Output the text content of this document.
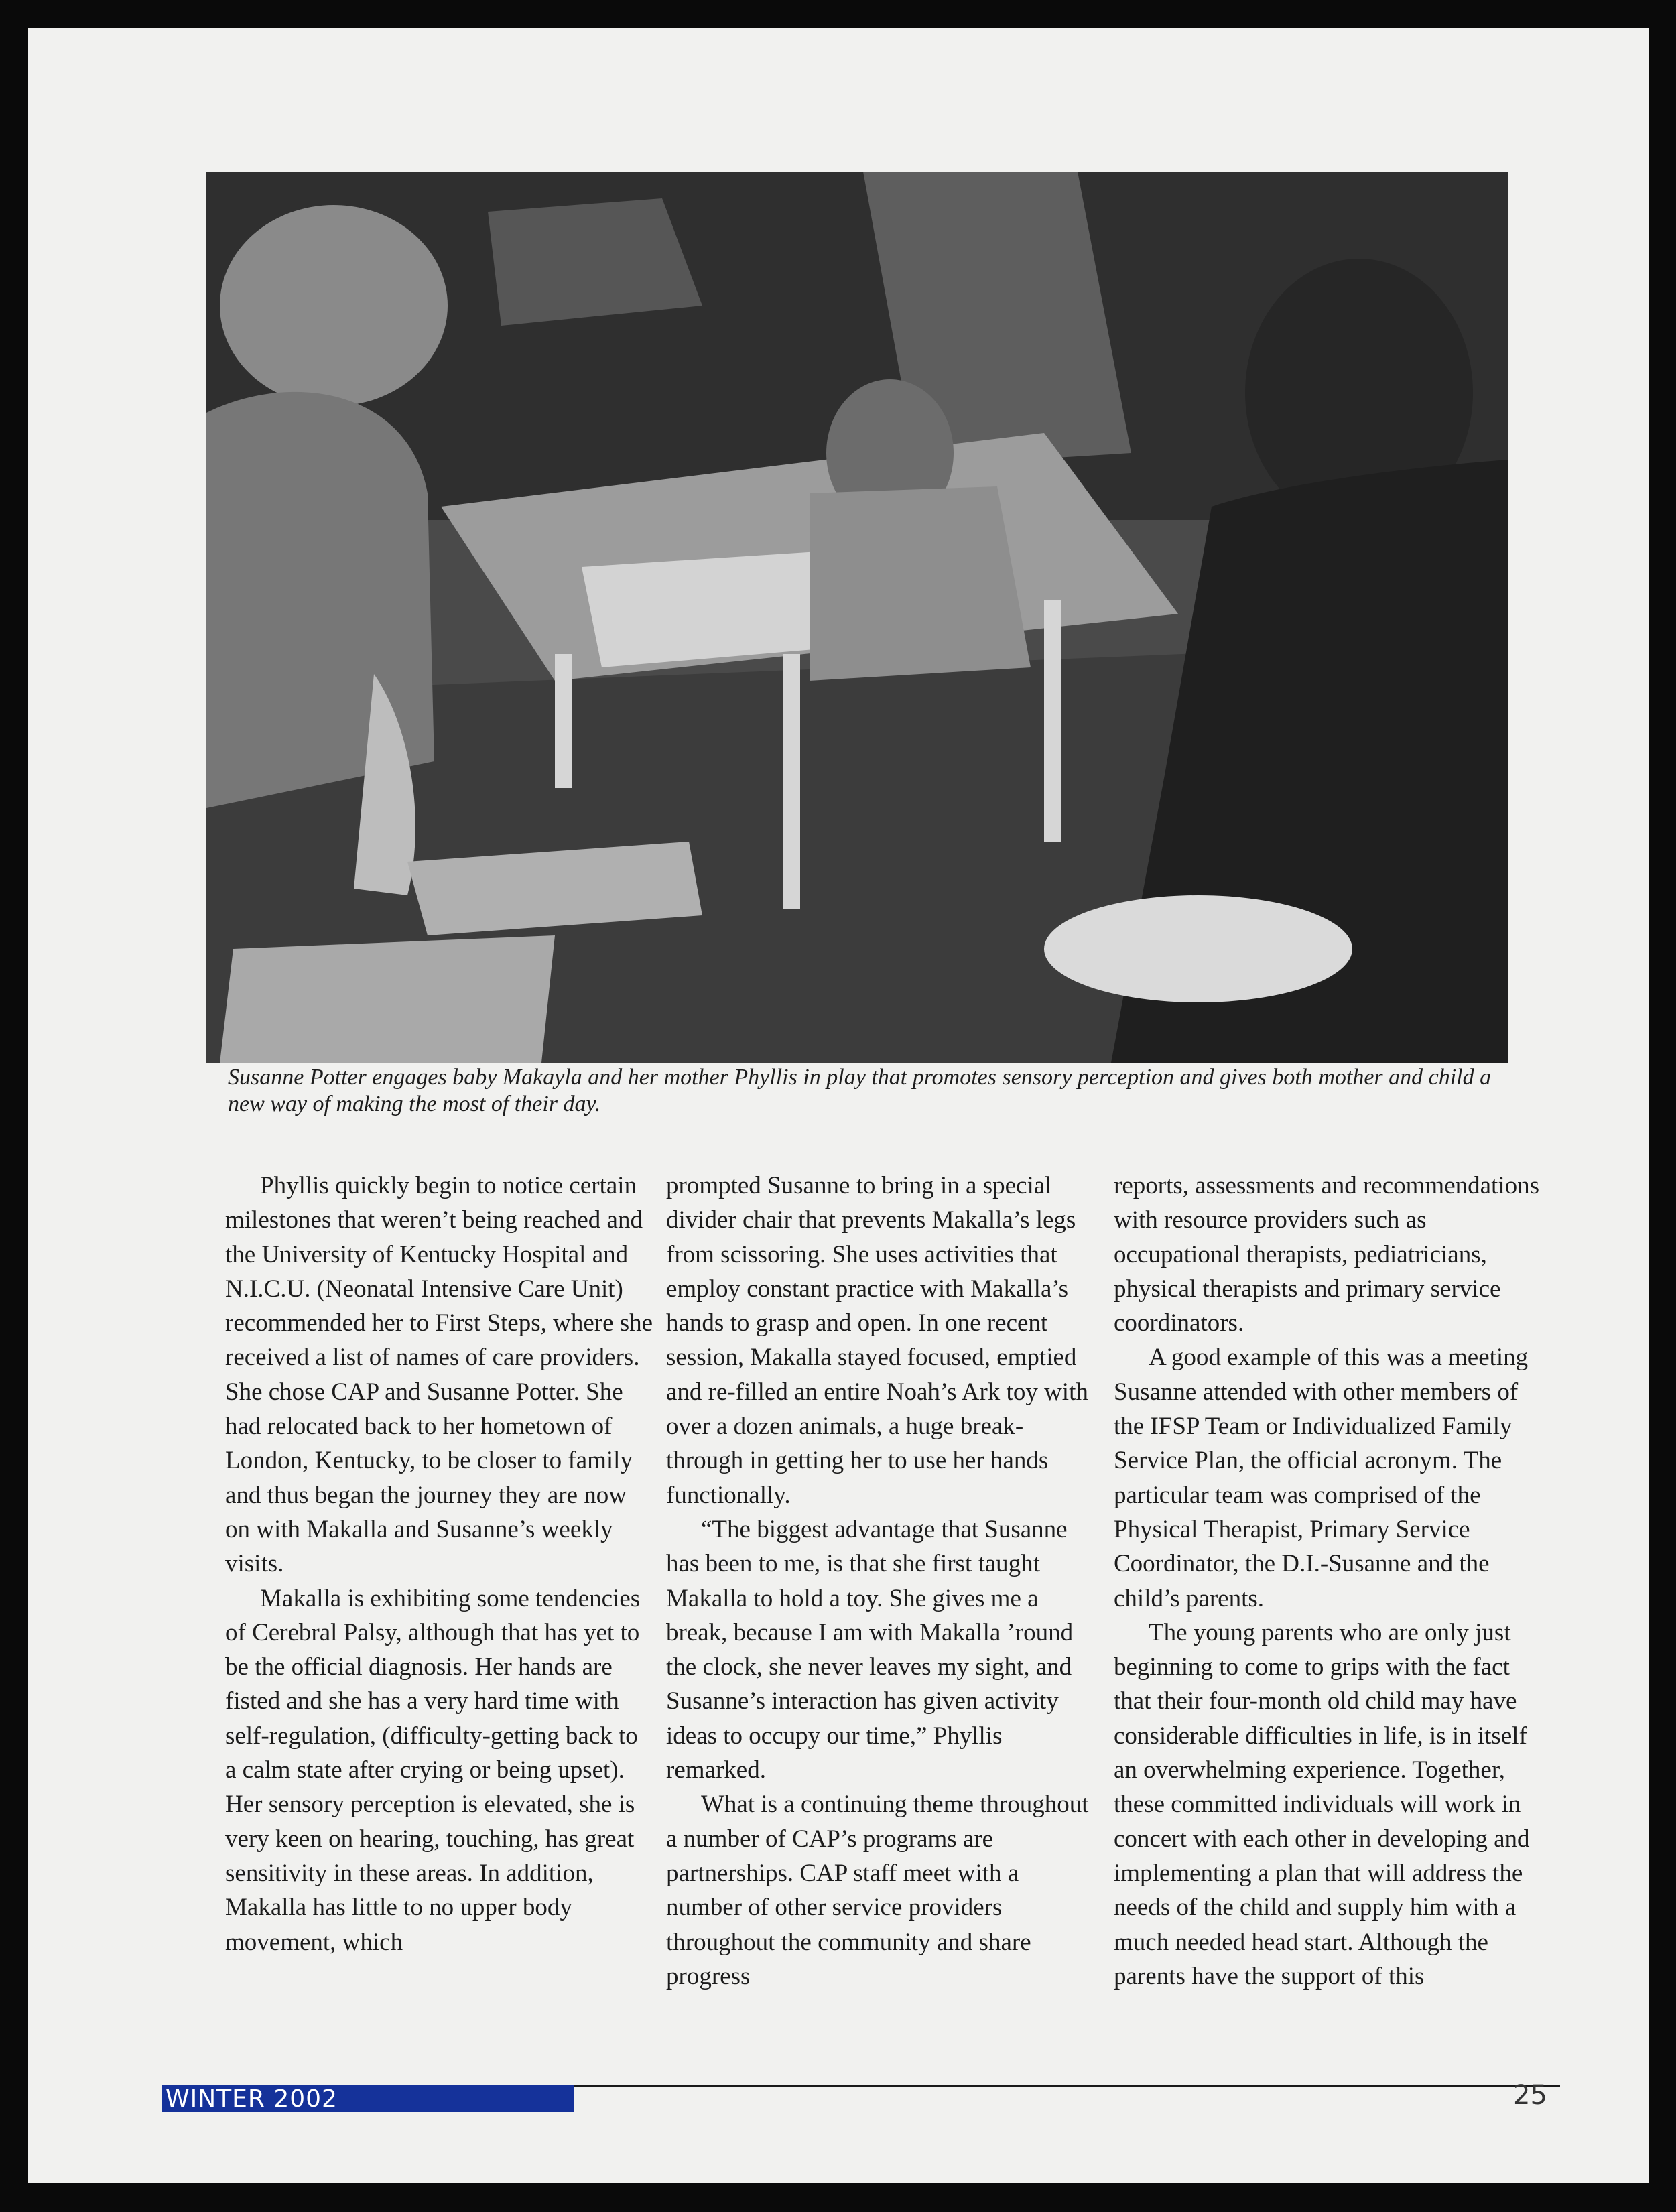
Susanne Potter engages baby Makayla and her mother Phyllis in play that promotes sensory perception and gives both mother and child a new way of making the most of their day.

Phyllis quickly begin to notice certain milestones that weren’t being reached and the University of Kentucky Hospital and N.I.C.U. (Neonatal Intensive Care Unit) recommended her to First Steps, where she received a list of names of care providers. She chose CAP and Susanne Potter. She had relocated back to her hometown of London, Kentucky, to be closer to family and thus began the journey they are now on with Makalla and Susanne’s weekly visits.

Makalla is exhibiting some tendencies of Cerebral Palsy, although that has yet to be the official diagnosis. Her hands are fisted and she has a very hard time with self-regulation, (difficulty-getting back to a calm state after crying or being upset). Her sensory perception is elevated, she is very keen on hearing, touching, has great sensitivity in these areas. In addition, Makalla has little to no upper body movement, which

prompted Susanne to bring in a special divider chair that prevents Makalla’s legs from scissoring. She uses activities that employ constant practice with Makalla’s hands to grasp and open. In one recent session, Makalla stayed focused, emptied and re-filled an entire Noah’s Ark toy with over a dozen animals, a huge break-through in getting her to use her hands functionally.

“The biggest advantage that Susanne has been to me, is that she first taught Makalla to hold a toy. She gives me a break, because I am with Makalla ’round the clock, she never leaves my sight, and Susanne’s interaction has given activity ideas to occupy our time,” Phyllis remarked.

What is a continuing theme throughout a number of CAP’s programs are partnerships. CAP staff meet with a number of other service providers throughout the community and share progress

reports, assessments and recommendations with resource providers such as occupational therapists, pediatricians, physical therapists and primary service coordinators.

A good example of this was a meeting Susanne attended with other members of the IFSP Team or Individualized Family Service Plan, the official acronym. The particular team was comprised of the Physical Therapist, Primary Service Coordinator, the D.I.-Susanne and the child’s parents.

The young parents who are only just beginning to come to grips with the fact that their four-month old child may have considerable difficulties in life, is in itself an overwhelming experience. Together, these committed individuals will work in concert with each other in developing and implementing a plan that will address the needs of the child and supply him with a much needed head start. Although the parents have the support of this

WINTER 2002	25
